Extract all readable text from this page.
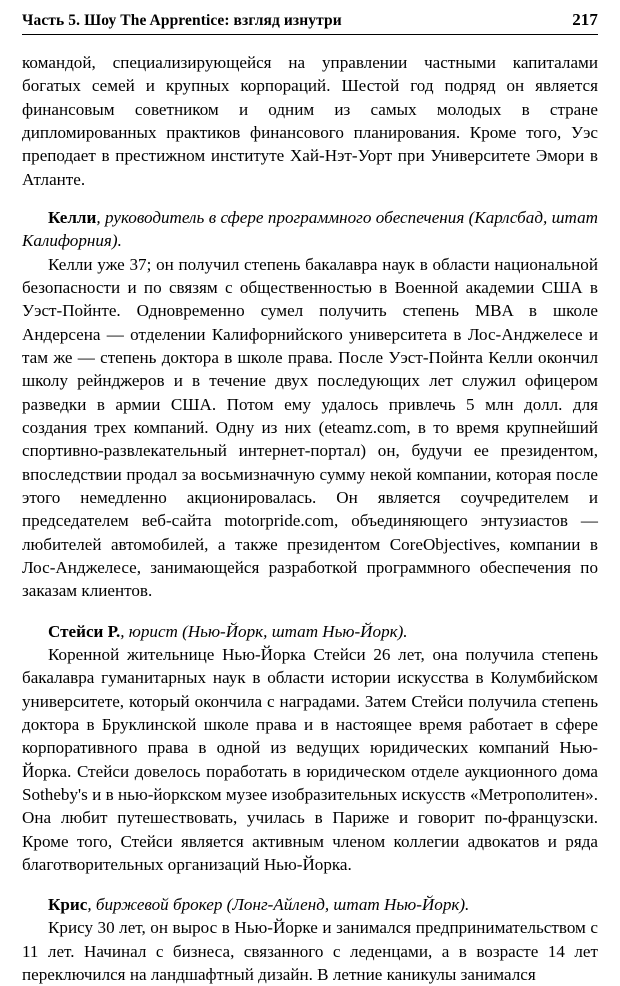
Часть 5. Шоу The Apprentice: взгляд изнутри	217

командой, специализирующейся на управлении частными капиталами богатых семей и крупных корпораций. Шестой год подряд он является финансовым советником и одним из самых молодых в стране дипломированных практиков финансового планирования. Кроме того, Уэс преподает в престижном институте Хай-Нэт-Уорт при Университете Эмори в Атланте.

Келли, руководитель в сфере программного обеспечения (Карлсбад, штат Калифорния).

Келли уже 37; он получил степень бакалавра наук в области национальной безопасности и по связям с общественностью в Военной академии США в Уэст-Пойнте. Одновременно сумел получить степень MBA в школе Андерсена — отделении Калифорнийского университета в Лос-Анджелесе и там же — степень доктора в школе права. После Уэст-Пойнта Келли окончил школу рейнджеров и в течение двух последующих лет служил офицером разведки в армии США. Потом ему удалось привлечь 5 млн долл. для создания трех компаний. Одну из них (eteamz.com, в то время крупнейший спортивно-развлекательный интернет-портал) он, будучи ее президентом, впоследствии продал за восьмизначную сумму некой компании, которая после этого немедленно акционировалась. Он является соучредителем и председателем веб-сайта motorpride.com, объединяющего энтузиастов — любителей автомобилей, а также президентом CoreObjectives, компании в Лос-Анджелесе, занимающейся разработкой программного обеспечения по заказам клиентов.

Стейси Р., юрист (Нью-Йорк, штат Нью-Йорк).

Коренной жительнице Нью-Йорка Стейси 26 лет, она получила степень бакалавра гуманитарных наук в области истории искусства в Колумбийском университете, который окончила с наградами. Затем Стейси получила степень доктора в Бруклинской школе права и в настоящее время работает в сфере корпоративного права в одной из ведущих юридических компаний Нью-Йорка. Стейси довелось поработать в юридическом отделе аукционного дома Sotheby's и в нью-йоркском музее изобразительных искусств «Метрополитен». Она любит путешествовать, училась в Париже и говорит по-французски. Кроме того, Стейси является активным членом коллегии адвокатов и ряда благотворительных организаций Нью-Йорка.

Крис, биржевой брокер (Лонг-Айленд, штат Нью-Йорк).

Крису 30 лет, он вырос в Нью-Йорке и занимался предпринимательством с 11 лет. Начинал с бизнеса, связанного с леденцами, а в возрасте 14 лет переключился на ландшафтный дизайн. В летние каникулы занимался
